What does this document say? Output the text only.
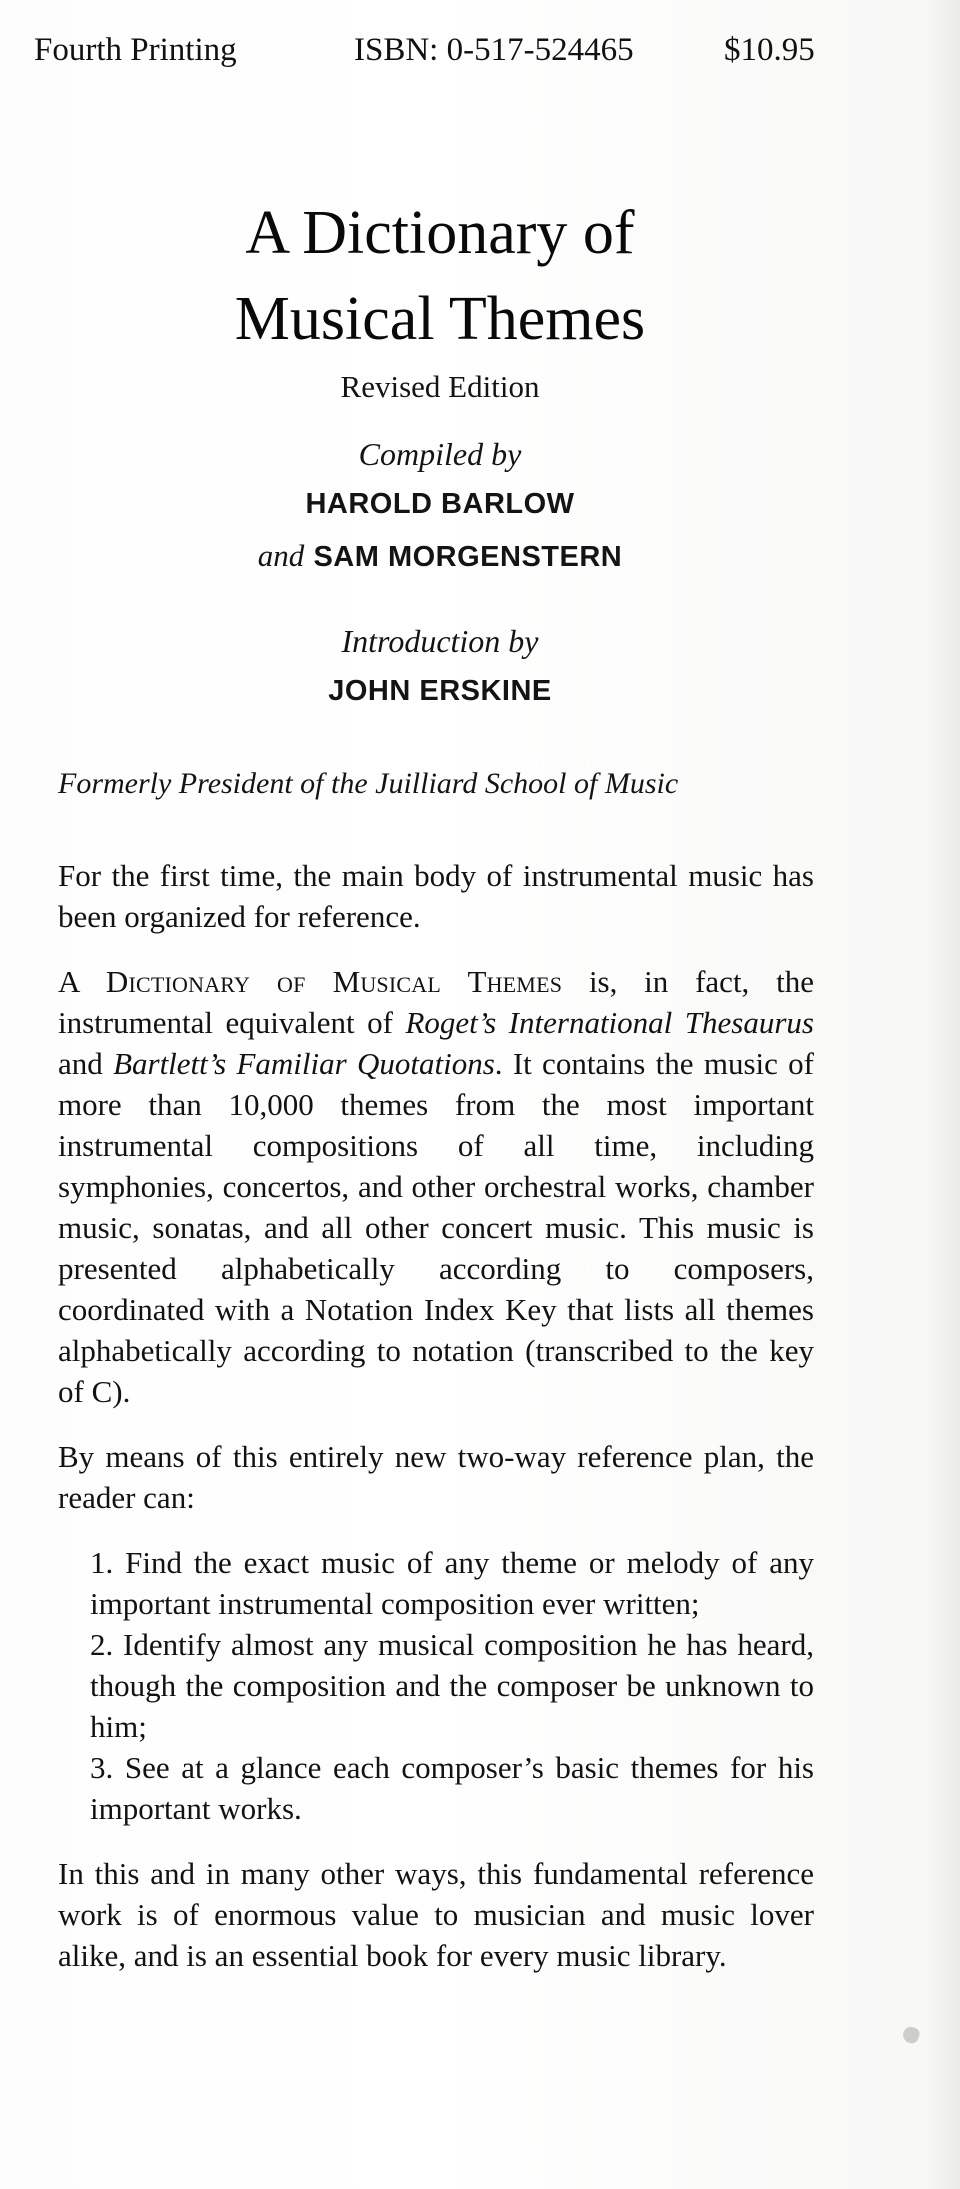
Fourth Printing	ISBN: 0-517-524465	$10.95
A Dictionary of
Musical Themes
Revised Edition
Compiled by
HAROLD BARLOW
and SAM MORGENSTERN
Introduction by
JOHN ERSKINE
Formerly President of the Juilliard School of Music

For the first time, the main body of instrumental music has been organized for reference.

A Dictionary of Musical Themes is, in fact, the instrumental equivalent of Roget’s International Thesaurus and Bartlett’s Familiar Quotations. It contains the music of more than 10,000 themes from the most important instrumental compositions of all time, including symphonies, concertos, and other orchestral works, chamber music, sonatas, and all other concert music. This music is presented alphabetically according to composers, coordinated with a Notation Index Key that lists all themes alphabetically according to notation (transcribed to the key of C).

By means of this entirely new two-way reference plan, the reader can:

1. Find the exact music of any theme or melody of any important instrumental composition ever written;
2. Identify almost any musical composition he has heard, though the composition and the composer be unknown to him;
3. See at a glance each composer’s basic themes for his important works.

In this and in many other ways, this fundamental reference work is of enormous value to musician and music lover alike, and is an essential book for every music library.
